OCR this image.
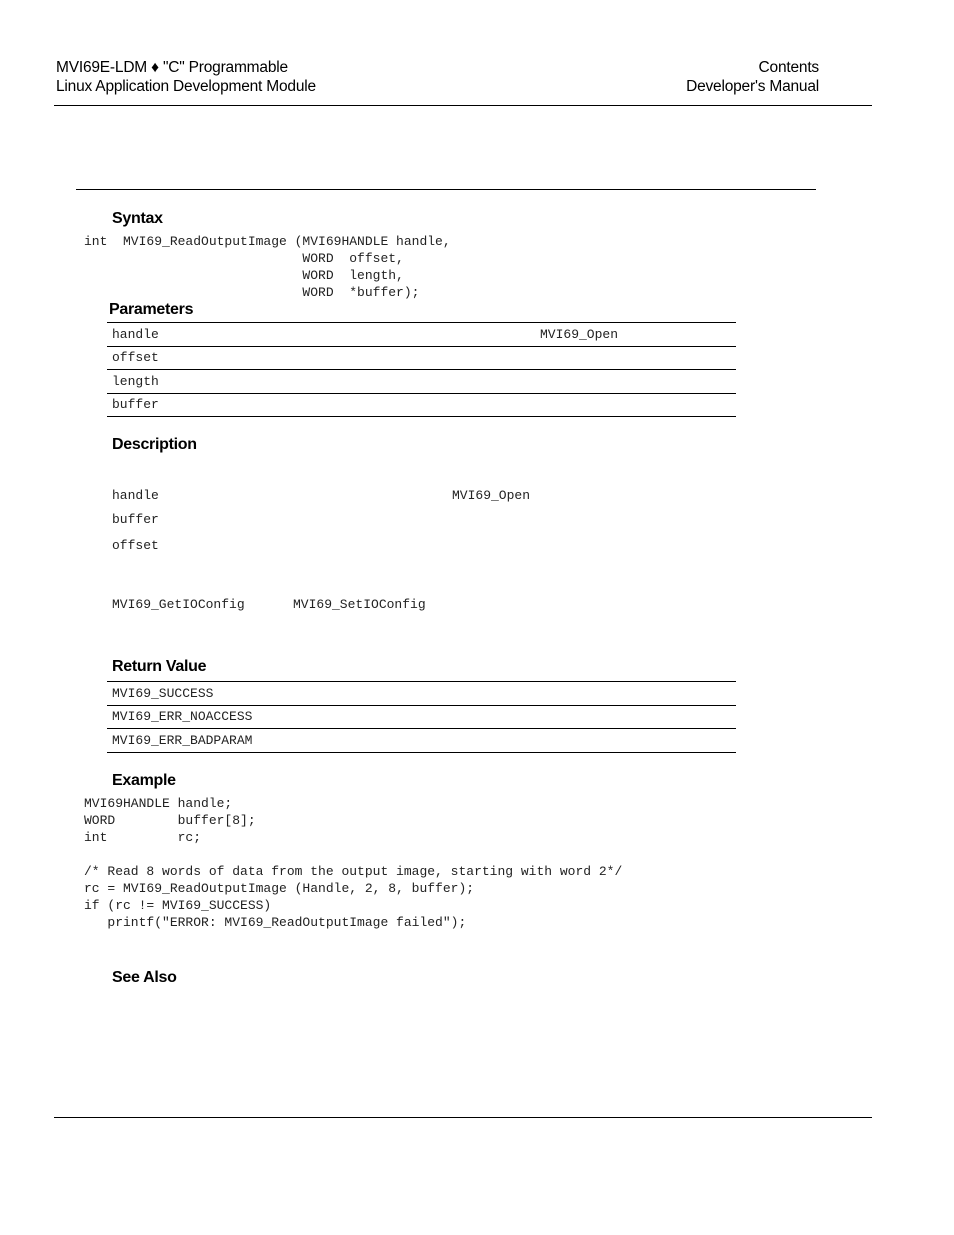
MVI69E-LDM ♦ "C" Programmable
Linux Application Development Module
Contents
Developer's Manual
Syntax
int  MVI69_ReadOutputImage (MVI69HANDLE handle,
WORD  offset,
WORD  length,
WORD  *buffer);
Parameters
handle	MVI69_Open
offset	
length	
buffer	
Description
handle	MVI69_Open
buffer
offset
MVI69_GetIOConfig	MVI69_SetIOConfig
Return Value
MVI69_SUCCESS
MVI69_ERR_NOACCESS
MVI69_ERR_BADPARAM
Example
MVI69HANDLE handle;
WORD        buffer[8];
int         rc;

/* Read 8 words of data from the output image, starting with word 2*/
rc = MVI69_ReadOutputImage (Handle, 2, 8, buffer);
if (rc != MVI69_SUCCESS)
printf("ERROR: MVI69_ReadOutputImage failed");
See Also
